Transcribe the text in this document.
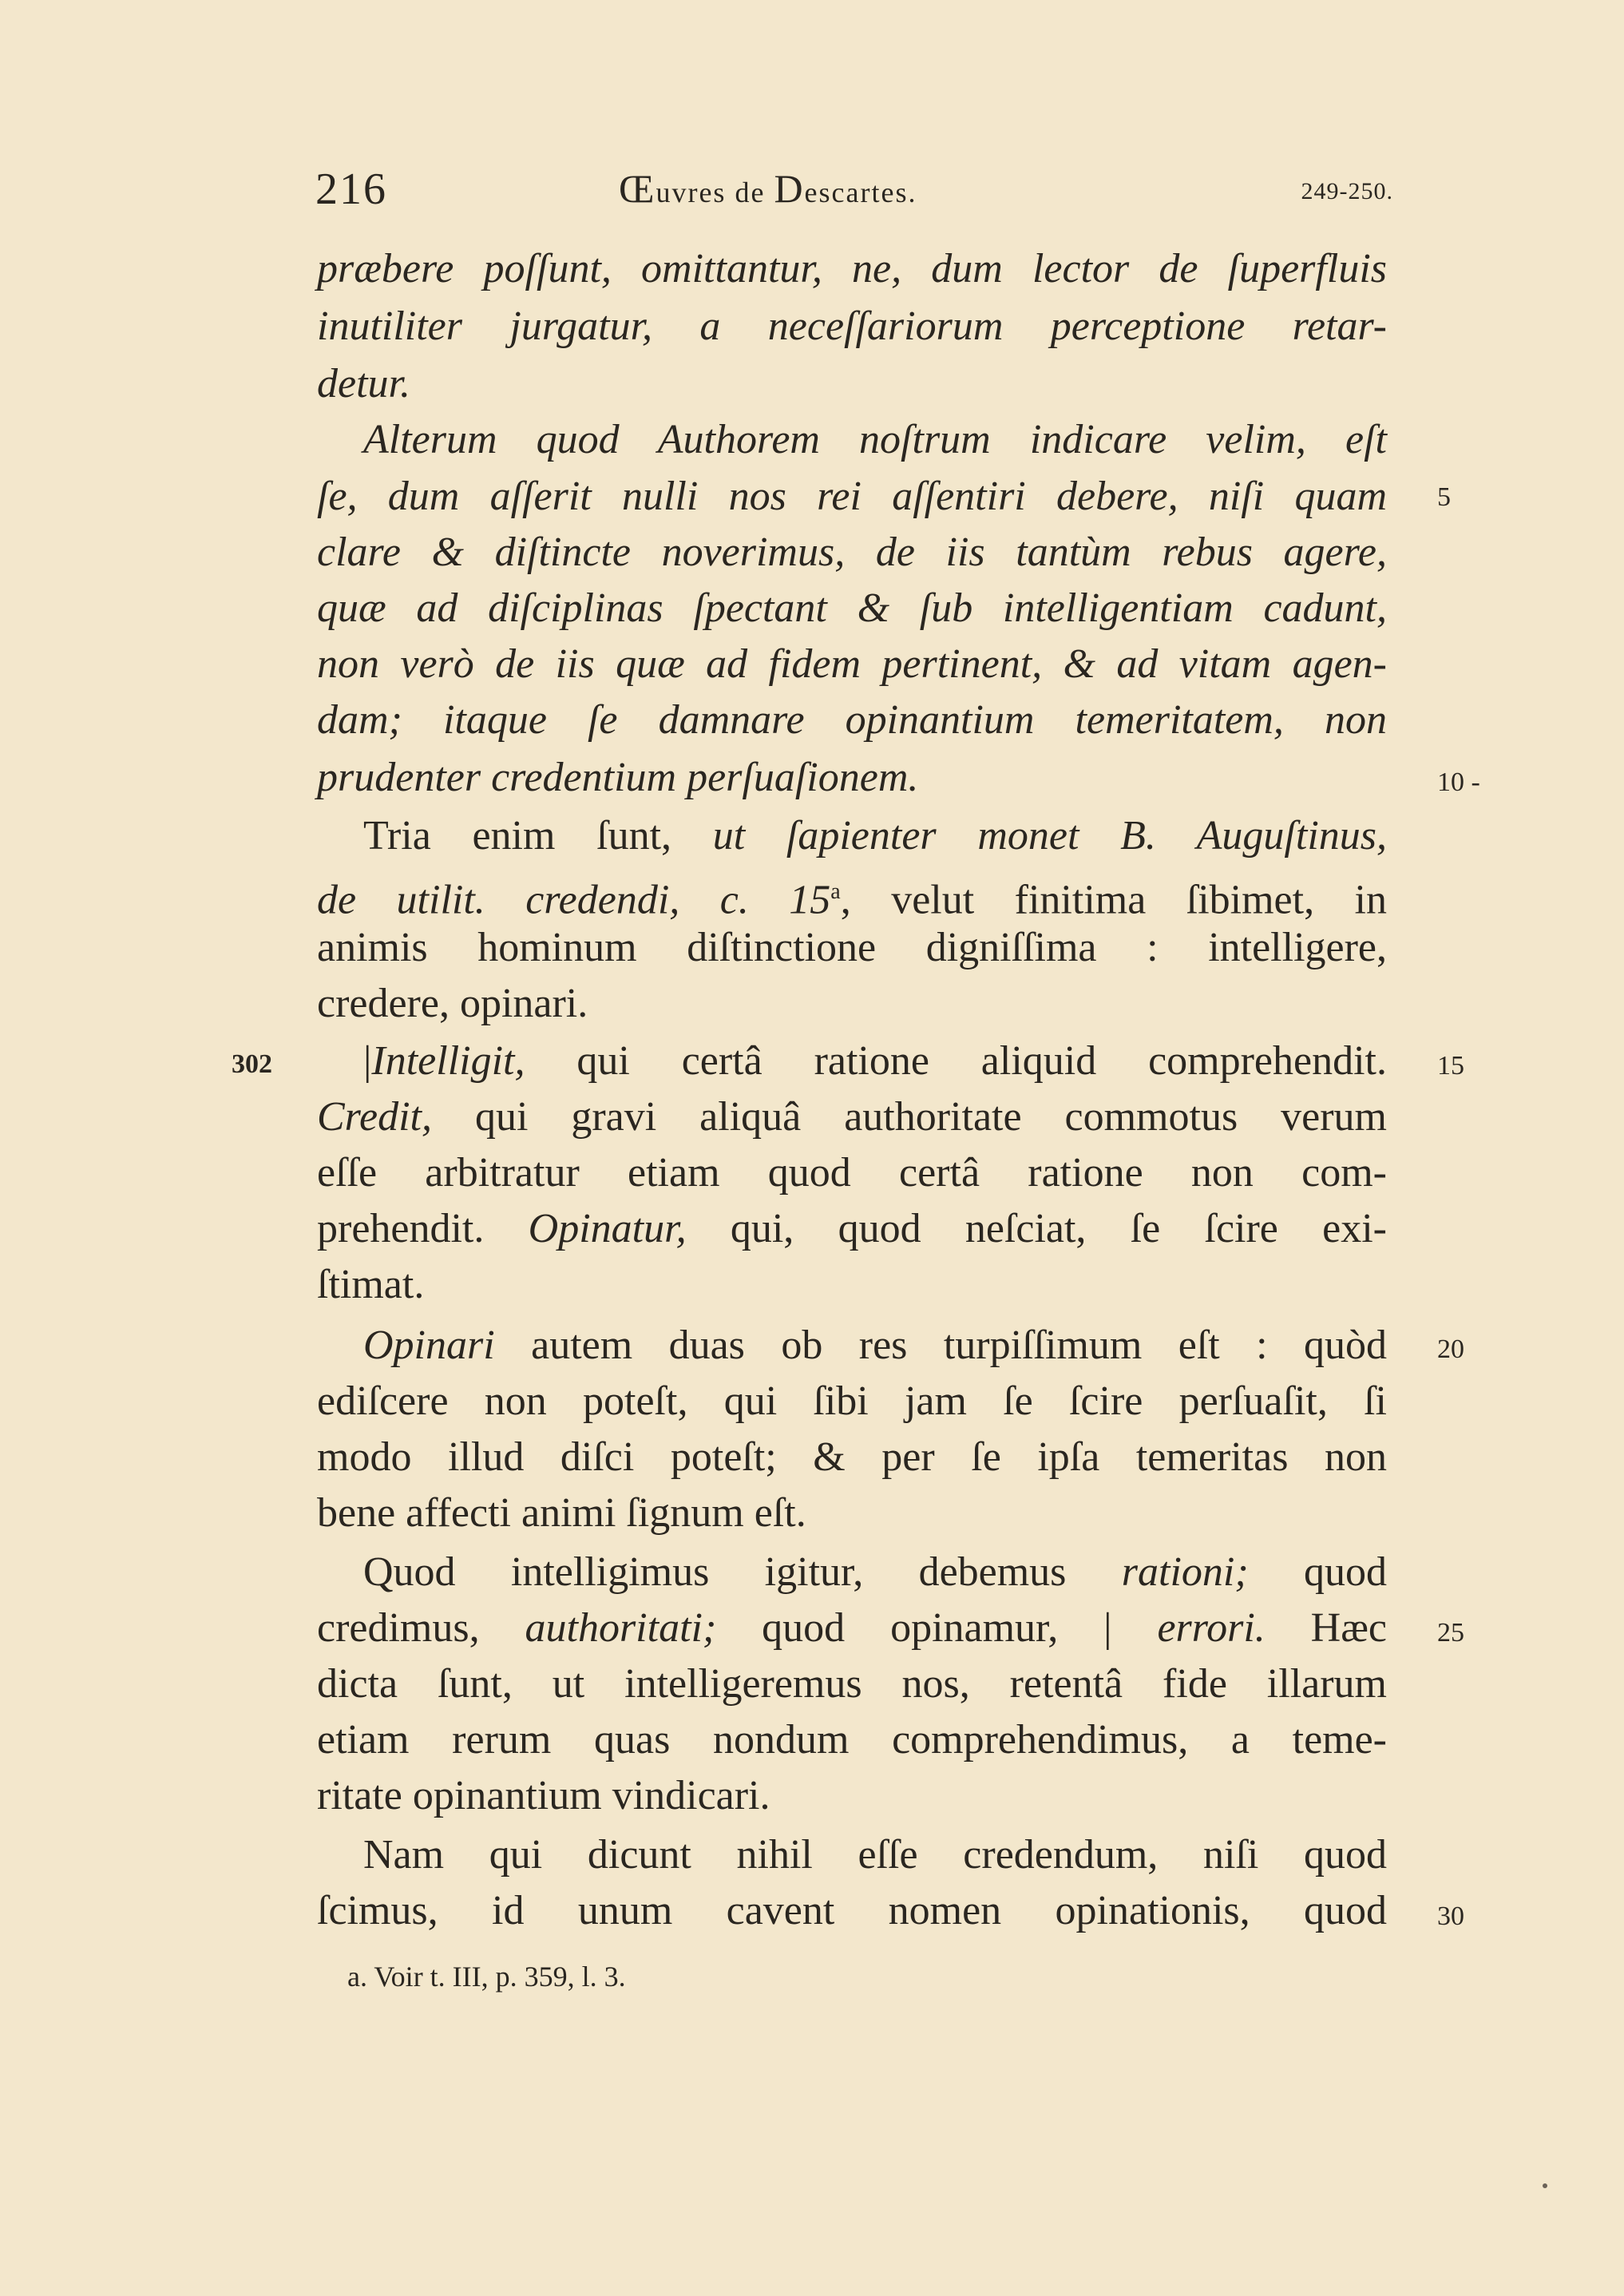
216	Œuvres de Descartes.	249-250.
præbere poſſunt, omittantur, ne, dum lector de ſuperfluis
inutiliter jurgatur, a neceſſariorum perceptione retar-
detur.
Alterum quod Authorem noſtrum indicare velim, eſt
ſe, dum aſſerit nulli nos rei aſſentiri debere, niſi quam
clare & diſtincte noverimus, de iis tantùm rebus agere,
quæ ad diſciplinas ſpectant & ſub intelligentiam cadunt,
non verò de iis quæ ad fidem pertinent, & ad vitam agen-
dam; itaque ſe damnare opinantium temeritatem, non
prudenter credentium perſuaſionem.
Tria enim ſunt, ut ſapienter monet B. Auguſtinus,
de utilit. credendi, c. 15$^a$, velut finitima ſibimet, in
animis hominum diſtinctione digniſſima : intelligere,
credere, opinari.
|Intelligit, qui certâ ratione aliquid comprehendit.
Credit, qui gravi aliquâ authoritate commotus verum
eſſe arbitratur etiam quod certâ ratione non com-
prehendit. Opinatur, qui, quod neſciat, ſe ſcire exi-
ſtimat.
Opinari autem duas ob res turpiſſimum eſt : quòd
ediſcere non poteſt, qui ſibi jam ſe ſcire perſuaſit, ſi
modo illud diſci poteſt; & per ſe ipſa temeritas non
bene affecti animi ſignum eſt.
Quod intelligimus igitur, debemus rationi; quod
credimus, authoritati; quod opinamur, | errori. Hæc
dicta ſunt, ut intelligeremus nos, retentâ fide illarum
etiam rerum quas nondum comprehendimus, a teme-
ritate opinantium vindicari.
Nam qui dicunt nihil eſſe credendum, niſi quod
ſcimus, id unum cavent nomen opinationis, quod
5
10 -
15
20
25
30
302
a. Voir t. III, p. 359, l. 3.
